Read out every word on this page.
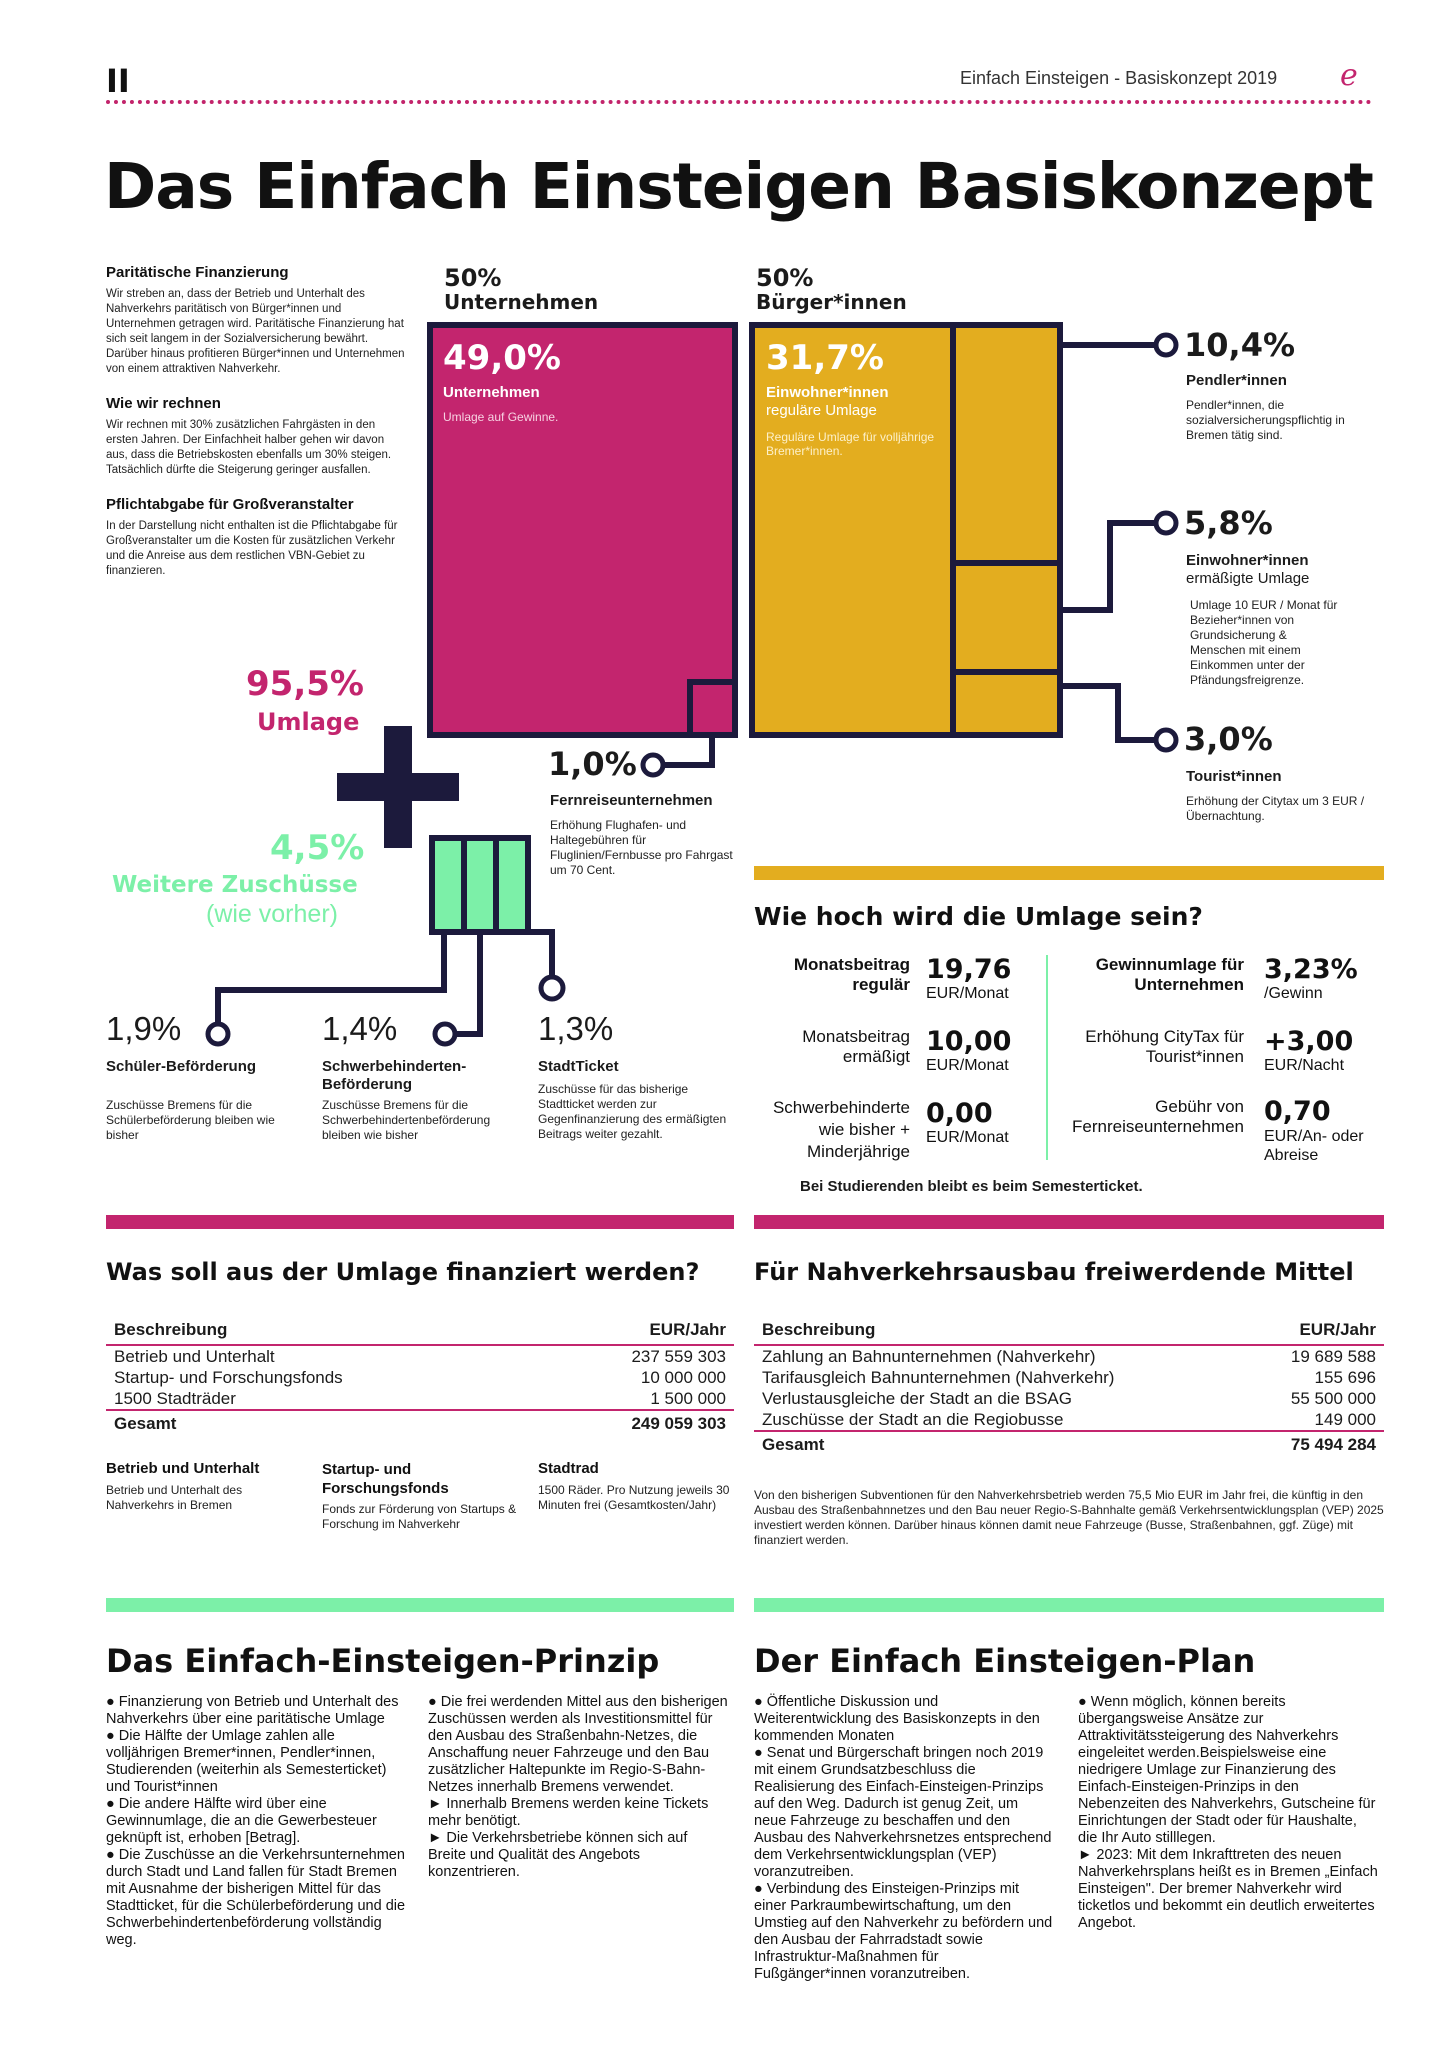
II	Einfach Einsteigen - Basiskonzept 2019 e
Das Einfach Einsteigen Basiskonzept
Paritätische Finanzierung
Wir streben an, dass der Betrieb und Unterhalt des Nahverkehrs paritätisch von Bürger*innen und Unternehmen getragen wird. Paritätische Finanzierung hat sich seit langem in der Sozialversicherung bewährt. Darüber hinaus profitieren Bürger*innen und Unternehmen von einem attraktiven Nahverkehr.
Wie wir rechnen
Wir rechnen mit 30% zusätzlichen Fahrgästen in den ersten Jahren. Der Einfachheit halber gehen wir davon aus, dass die Betriebskosten ebenfalls um 30% steigen. Tatsächlich dürfte die Steigerung geringer ausfallen.
Pflichtabgabe für Großveranstalter
In der Darstellung nicht enthalten ist die Pflichtabgabe für Großveranstalter um die Kosten für zusätzlichen Verkehr und die Anreise aus dem restlichen VBN-Gebiet zu finanzieren.
50%
Unternehmen
50%
Bürger*innen
49,0%
Unternehmen
Umlage auf Gewinne.
31,7%
Einwohner*innen
reguläre Umlage
Reguläre Umlage für volljährige Bremer*innen.
10,4%
Pendler*innen
Pendler*innen, die sozialversicherungspflichtig in Bremen tätig sind.
5,8%
Einwohner*innen
ermäßigte Umlage
Umlage 10 EUR / Monat für Bezieher*innen von Grundsicherung & Menschen mit einem Einkommen unter der Pfändungsfreigrenze.
3,0%
Tourist*innen
Erhöhung der Citytax um 3 EUR / Übernachtung.
1,0%
Fernreiseunternehmen
Erhöhung Flughafen- und Haltegebühren für Fluglinien/Fernbusse pro Fahrgast um 70 Cent.
95,5%
Umlage
4,5%
Weitere Zuschüsse
(wie vorher)
1,9%
Schüler-Beförderung
Zuschüsse Bremens für die Schülerbeförderung bleiben wie bisher
1,4%
Schwerbehinderten-Beförderung
Zuschüsse Bremens für die Schwerbehindertenbeförderung bleiben wie bisher
1,3%
StadtTicket
Zuschüsse für das bisherige Stadtticket werden zur Gegenfinanzierung des ermäßigten Beitrags weiter gezahlt.
Wie hoch wird die Umlage sein?
Monatsbeitrag regulär 19,76
EUR/Monat
Monatsbeitrag ermäßigt 10,00
EUR/Monat
Schwerbehinderte wie bisher + Minderjährige
0,00
EUR/Monat
Gewinnumlage für Unternehmen 3,23%
/Gewinn
Erhöhung CityTax für Tourist*innen +3,00
EUR/Nacht
Gebühr von Fernreiseunternehmen 0,70
EUR/An- oder Abreise
Bei Studierenden bleibt es beim Semesterticket.
Was soll aus der Umlage finanziert werden?
Beschreibung	EUR/Jahr
Betrieb und Unterhalt	237 559 303
Startup- und Forschungsfonds	10 000 000
1500 Stadträder	1 500 000
Gesamt	249 059 303
Betrieb und Unterhalt
Betrieb und Unterhalt des Nahverkehrs in Bremen
Startup- und Forschungsfonds
Fonds zur Förderung von Startups & Forschung im Nahverkehr
Stadtrad
1500 Räder. Pro Nutzung jeweils 30 Minuten frei (Gesamtkosten/Jahr)
Für Nahverkehrsausbau freiwerdende Mittel
Beschreibung	EUR/Jahr
Zahlung an Bahnunternehmen (Nahverkehr)	19 689 588
Tarifausgleich Bahnunternehmen (Nahverkehr)	155 696
Verlustausgleiche der Stadt an die BSAG	55 500 000
Zuschüsse der Stadt an die Regiobusse	149 000
Gesamt	75 494 284
Von den bisherigen Subventionen für den Nahverkehrsbetrieb werden 75,5 Mio EUR im Jahr frei, die künftig in den Ausbau des Straßenbahnnetzes und den Bau neuer Regio-S-Bahnhalte gemäß Verkehrsentwicklungsplan (VEP) 2025 investiert werden können. Darüber hinaus können damit neue Fahrzeuge (Busse, Straßenbahnen, ggf. Züge) mit finanziert werden.
Das Einfach-Einsteigen-Prinzip

● Finanzierung von Betrieb und Unterhalt des Nahverkehrs über eine paritätische Umlage

● Die Hälfte der Umlage zahlen alle volljährigen Bremer*innen, Pendler*innen, Studierenden (weiterhin als Semesterticket) und Tourist*innen

● Die andere Hälfte wird über eine Gewinnumlage, die an die Gewerbesteuer geknüpft ist, erhoben [Betrag].

● Die Zuschüsse an die Verkehrsunternehmen durch Stadt und Land fallen für Stadt Bremen mit Ausnahme der bisherigen Mittel für das Stadtticket, für die Schülerbeförderung und die Schwerbehindertenbeförderung vollständig weg.

● Die frei werdenden Mittel aus den bisherigen Zuschüssen werden als Investitionsmittel für den Ausbau des Straßenbahn-Netzes, die Anschaffung neuer Fahrzeuge und den Bau zusätzlicher Haltepunkte im Regio-S-Bahn-Netzes innerhalb Bremens verwendet.

► Innerhalb Bremens werden keine Tickets mehr benötigt.

► Die Verkehrsbetriebe können sich auf Breite und Qualität des Angebots konzentrieren.

Der Einfach Einsteigen-Plan

● Öffentliche Diskussion und Weiterentwicklung des Basiskonzepts in den kommenden Monaten

● Senat und Bürgerschaft bringen noch 2019 mit einem Grundsatzbeschluss die Realisierung des Einfach-Einsteigen-Prinzips auf den Weg. Dadurch ist genug Zeit, um neue Fahrzeuge zu beschaffen und den Ausbau des Nahverkehrsnetzes entsprechend dem Verkehrsentwicklungsplan (VEP) voranzutreiben.

● Verbindung des Einsteigen-Prinzips mit einer Parkraumbewirtschaftung, um den Umstieg auf den Nahverkehr zu befördern und den Ausbau der Fahrradstadt sowie Infrastruktur-Maßnahmen für Fußgänger*innen voranzutreiben.

● Wenn möglich, können bereits übergangsweise Ansätze zur Attraktivitätssteigerung des Nahverkehrs eingeleitet werden.Beispielsweise eine niedrigere Umlage zur Finanzierung des Einfach-Einsteigen-Prinzips in den Nebenzeiten des Nahverkehrs, Gutscheine für Einrichtungen der Stadt oder für Haushalte, die Ihr Auto stilllegen.

► 2023: Mit dem Inkrafttreten des neuen Nahverkehrsplans heißt es in Bremen „Einfach Einsteigen". Der bremer Nahverkehr wird ticketlos und bekommt ein deutlich erweitertes Angebot.
